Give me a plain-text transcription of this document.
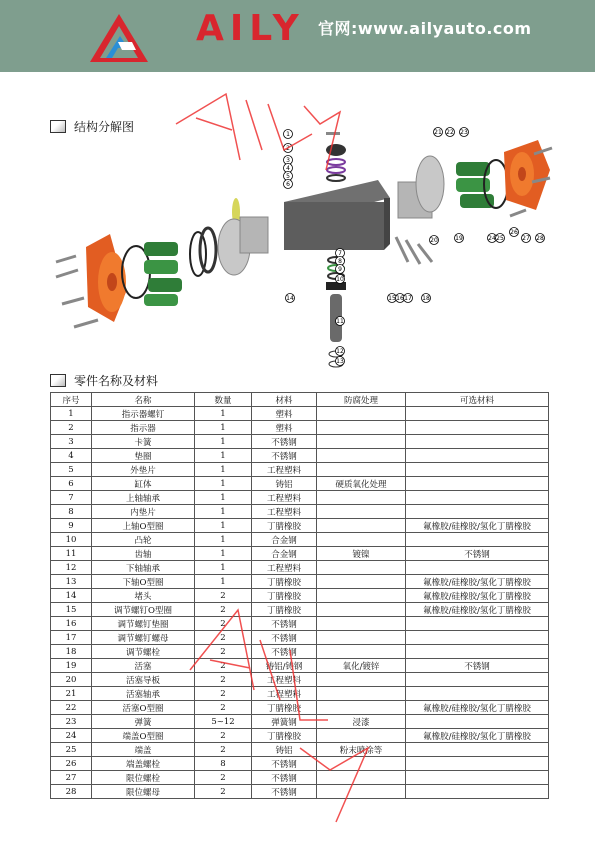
AILY 官网:www.ailyauto.com
结构分解图
1
2
3
4
5
6
7
8
9
10
11
12
13
14	15 16 17 18
19
20
21 22 23
24 25
26
27 28
零件名称及材料
序号	名称	数量	材料	防腐处理	可选材料
1	指示器螺钉	1	塑料		
2	指示器	1	塑料		
3	卡簧	1	不锈钢		
4	垫圈	1	不锈钢		
5	外垫片	1	工程塑料		
6	缸体	1	铸铝	硬质氧化处理	
7	上轴轴承	1	工程塑料		
8	内垫片	1	工程塑料		
9	上轴O型圈	1	丁腈橡胶		氟橡胶/硅橡胶/氢化丁腈橡胶
10	凸轮	1	合金钢		
11	齿轴	1	合金钢	镀镍	不锈钢
12	下轴轴承	1	工程塑料		
13	下轴O型圈	1	丁腈橡胶		氟橡胶/硅橡胶/氢化丁腈橡胶
14	堵头	2	丁腈橡胶		氟橡胶/硅橡胶/氢化丁腈橡胶
15	调节螺钉O型圈	2	丁腈橡胶		氟橡胶/硅橡胶/氢化丁腈橡胶
16	调节螺钉垫圈	2	不锈钢		
17	调节螺钉螺母	2	不锈钢		
18	调节螺栓	2	不锈钢		
19	活塞	2	铸铝/铸钢	氧化/镀锌	不锈钢
20	活塞导板	2	工程塑料		
21	活塞轴承	2	工程塑料		
22	活塞O型圈	2	丁腈橡胶		氟橡胶/硅橡胶/氢化丁腈橡胶
23	弹簧	5~12	弹簧钢	浸漆	
24	端盖O型圈	2	丁腈橡胶		氟橡胶/硅橡胶/氢化丁腈橡胶
25	端盖	2	铸铝	粉末喷涂等	
26	端盖螺栓	8	不锈钢		
27	限位螺栓	2	不锈钢		
28	限位螺母	2	不锈钢		
